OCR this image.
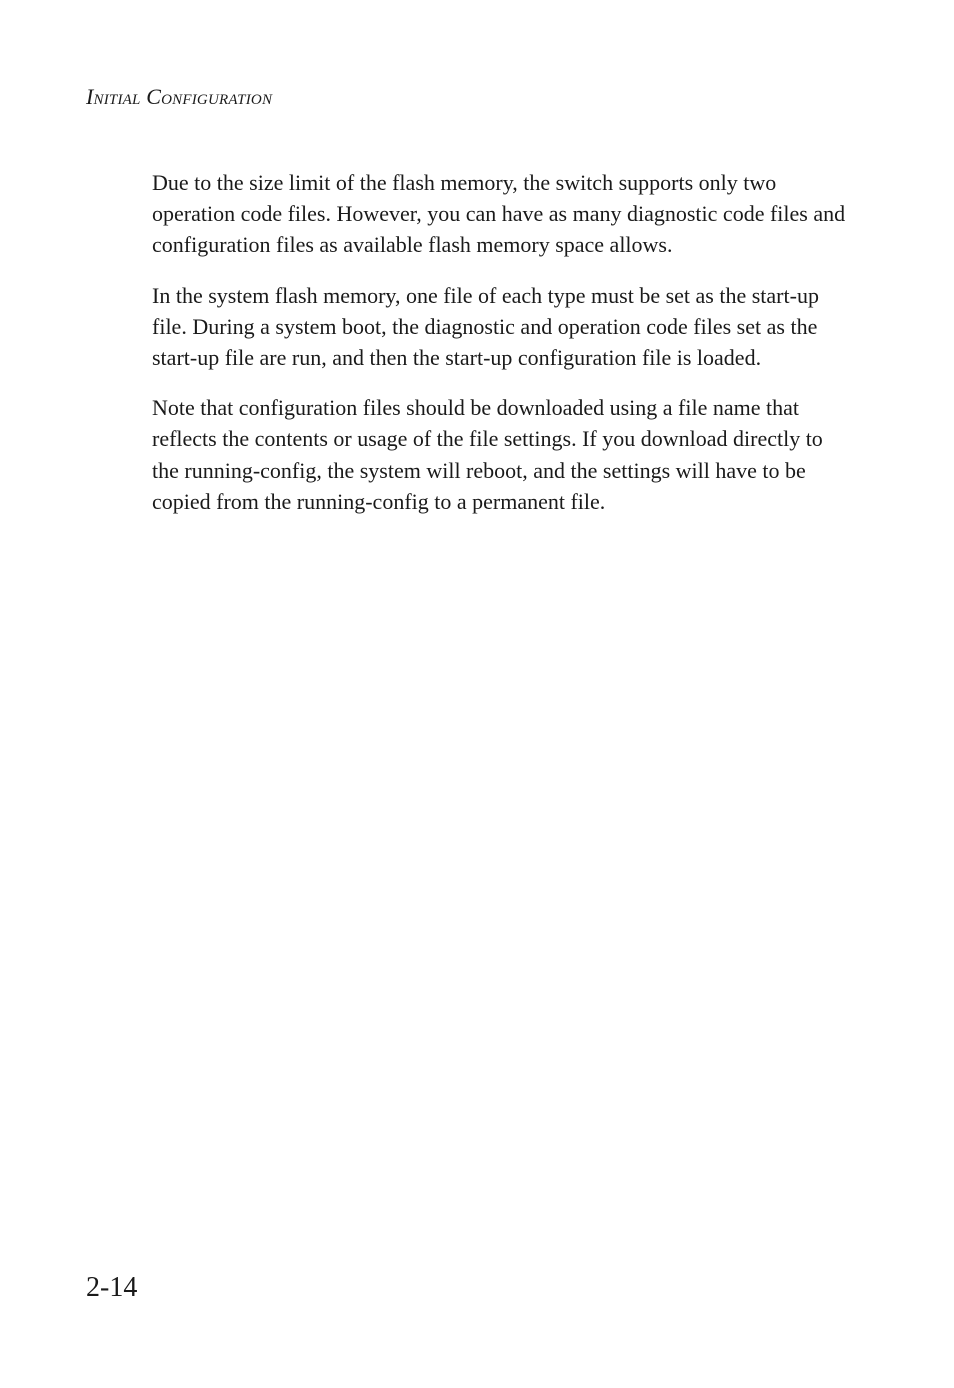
Initial Configuration

Due to the size limit of the flash memory, the switch supports only two operation code files. However, you can have as many diagnostic code files and configuration files as available flash memory space allows.

In the system flash memory, one file of each type must be set as the start-up file. During a system boot, the diagnostic and operation code files set as the start-up file are run, and then the start-up configuration file is loaded.

Note that configuration files should be downloaded using a file name that reflects the contents or usage of the file settings. If you download directly to the running-config, the system will reboot, and the settings will have to be copied from the running-config to a permanent file.

2-14
